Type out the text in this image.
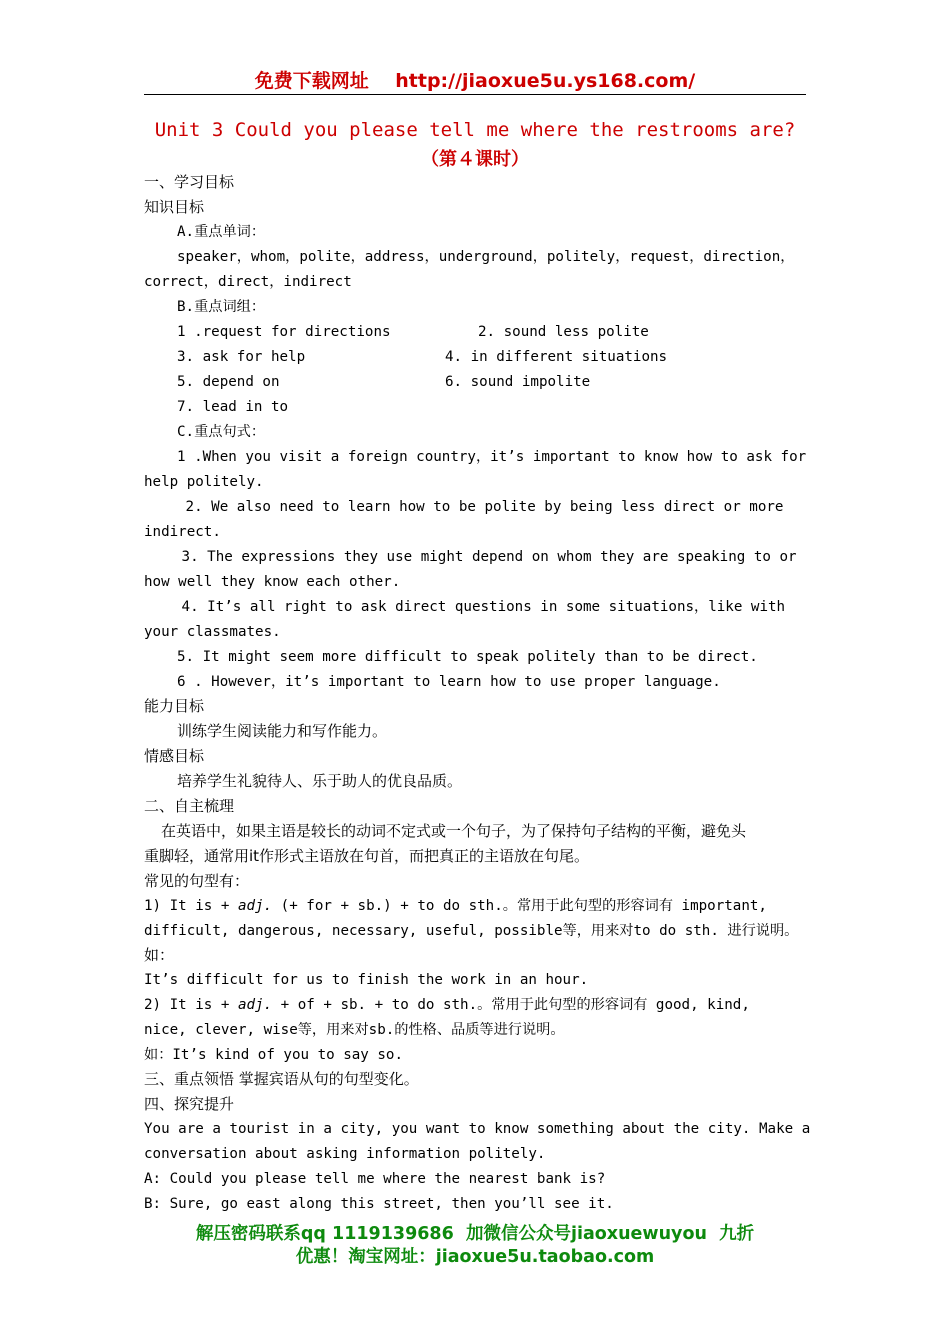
免费下载网址 http://jiaoxue5u.ys168.com/
Unit 3 Could you please tell me where the restrooms are?
（第４课时）
一、学习目标
知识目标
A.重点单词：
speaker，whom，polite，address，underground，politely，request，direction，
correct，direct，indirect
B.重点词组：
1 .request for directions	2. sound less polite
3. ask for help	4. in different situations
5. depend on	6. sound impolite
7. lead in to
C.重点句式：
1 .When you visit a foreign country，it’s important to know how to ask for
help politely.
2. We also need to learn how to be polite by being less direct or more
indirect.
3. The expressions they use might depend on whom they are speaking to or
how well they know each other.
4. It’s all right to ask direct questions in some situations，like with
your classmates.
5. It might seem more difficult to speak politely than to be direct.
6 . However，it’s important to learn how to use proper language.
能力目标
训练学生阅读能力和写作能力。
情感目标
培养学生礼貌待人、乐于助人的优良品质。
二、自主梳理
在英语中，如果主语是较长的动词不定式或一个句子，为了保持句子结构的平衡，避免头
重脚轻，通常用it作形式主语放在句首，而把真正的主语放在句尾。
常见的句型有：
1) It is + adj. (+ for + sb.) + to do sth.。常用于此句型的形容词有 important,
difficult, dangerous, necessary, useful, possible等，用来对to do sth. 进行说明。
如：
It’s difficult for us to finish the work in an hour.
2) It is + adj. + of + sb. + to do sth.。常用于此句型的形容词有 good, kind,
nice, clever, wise等，用来对sb.的性格、品质等进行说明。
如：It’s kind of you to say so.
三、重点领悟 掌握宾语从句的句型变化。
四、探究提升
You are a tourist in a city, you want to know something about the city. Make a
conversation about asking information politely.
A: Could you please tell me where the nearest bank is?
B: Sure, go east along this street, then you’ll see it.
解压密码联系qq 1119139686  加微信公众号jiaoxuewuyou  九折
优惠！淘宝网址：jiaoxue5u.taobao.com
